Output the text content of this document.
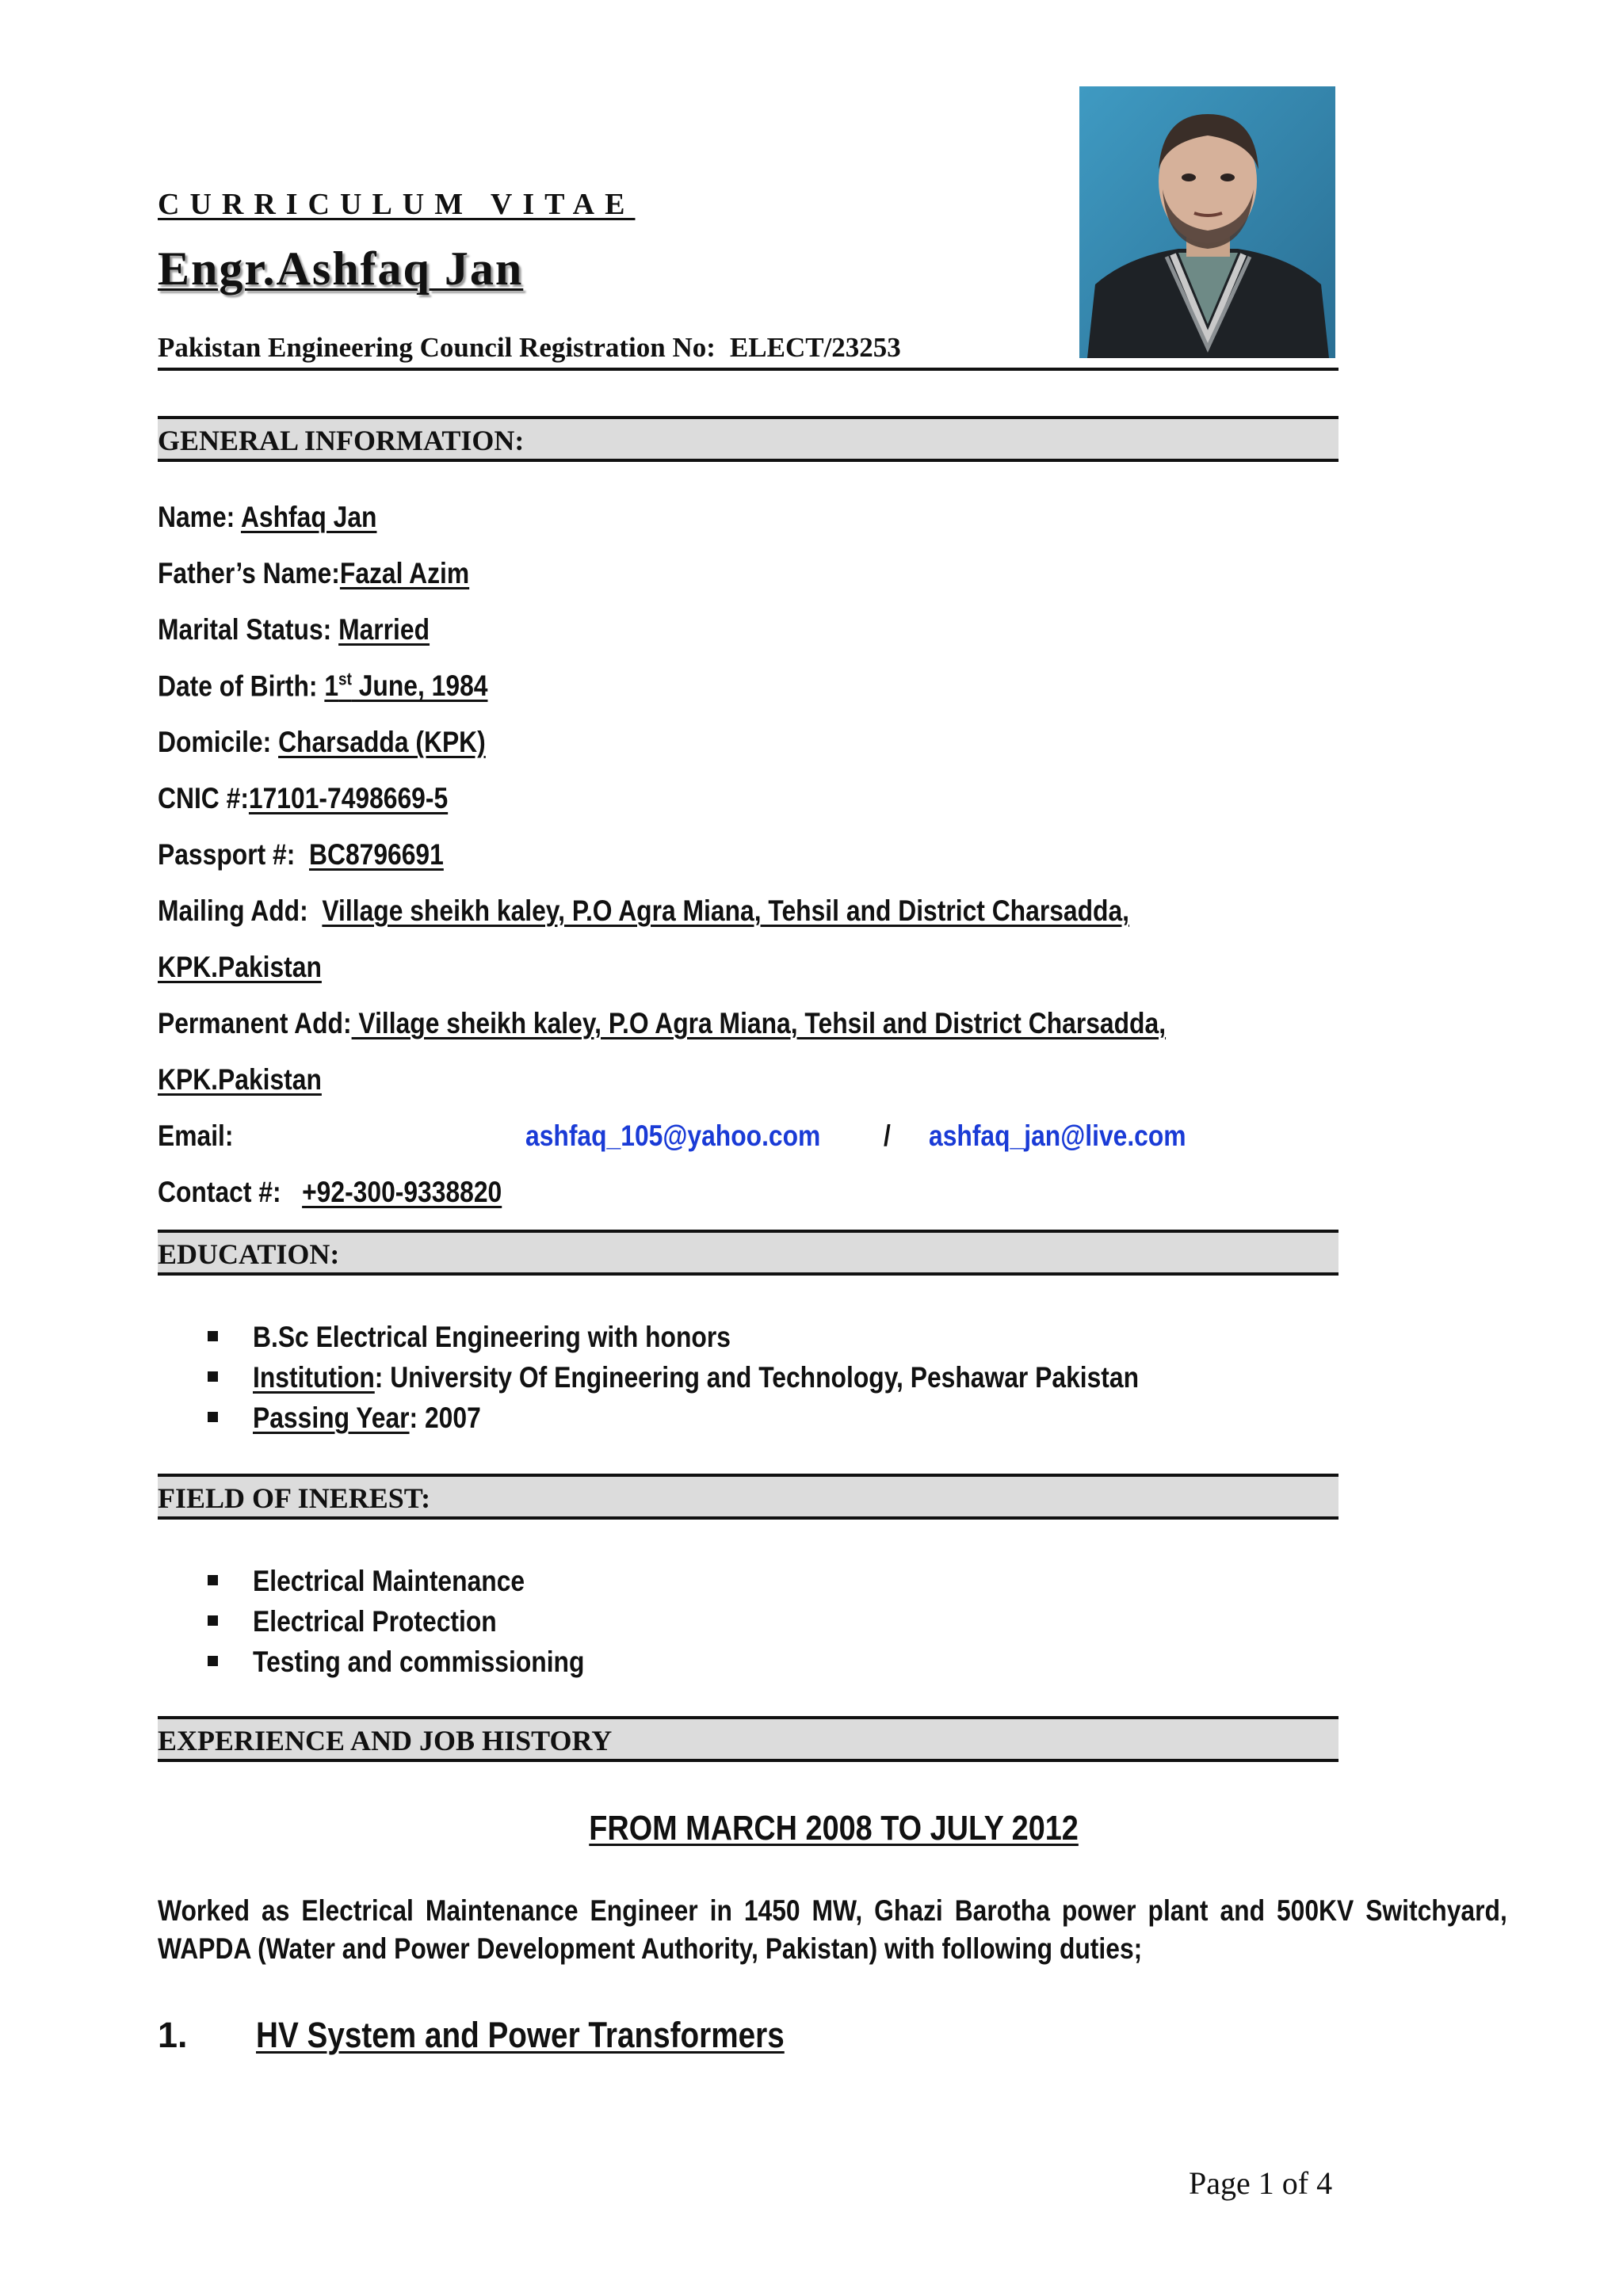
CURRICULUM VITAE
Engr.Ashfaq Jan
Pakistan Engineering Council Registration No: ELECT/23253
GENERAL INFORMATION:
Name: Ashfaq Jan
Father’s Name:Fazal Azim
Marital Status: Married
Date of Birth: 1st June, 1984
Domicile: Charsadda (KPK)
CNIC #:17101-7498669-5
Passport #: BC8796691
Mailing Add: Village sheikh kaley, P.O Agra Miana, Tehsil and District Charsadda,
KPK.Pakistan
Permanent Add: Village sheikh kaley, P.O Agra Miana, Tehsil and District Charsadda,
KPK.Pakistan
Email:	ashfaq_105@yahoo.com / ashfaq_jan@live.com
Contact #: +92-300-9338820
EDUCATION:
B.Sc Electrical Engineering with honors
Institution: University Of Engineering and Technology, Peshawar Pakistan
Passing Year: 2007
FIELD OF INEREST:
Electrical Maintenance
Electrical Protection
Testing and commissioning
EXPERIENCE AND JOB HISTORY
FROM MARCH 2008 TO JULY 2012
Worked as Electrical Maintenance Engineer in 1450 MW, Ghazi Barotha power plant and 500KV Switchyard, WAPDA (Water and Power Development Authority, Pakistan) with following duties;
1. HV System and Power Transformers
Page 1 of 4
